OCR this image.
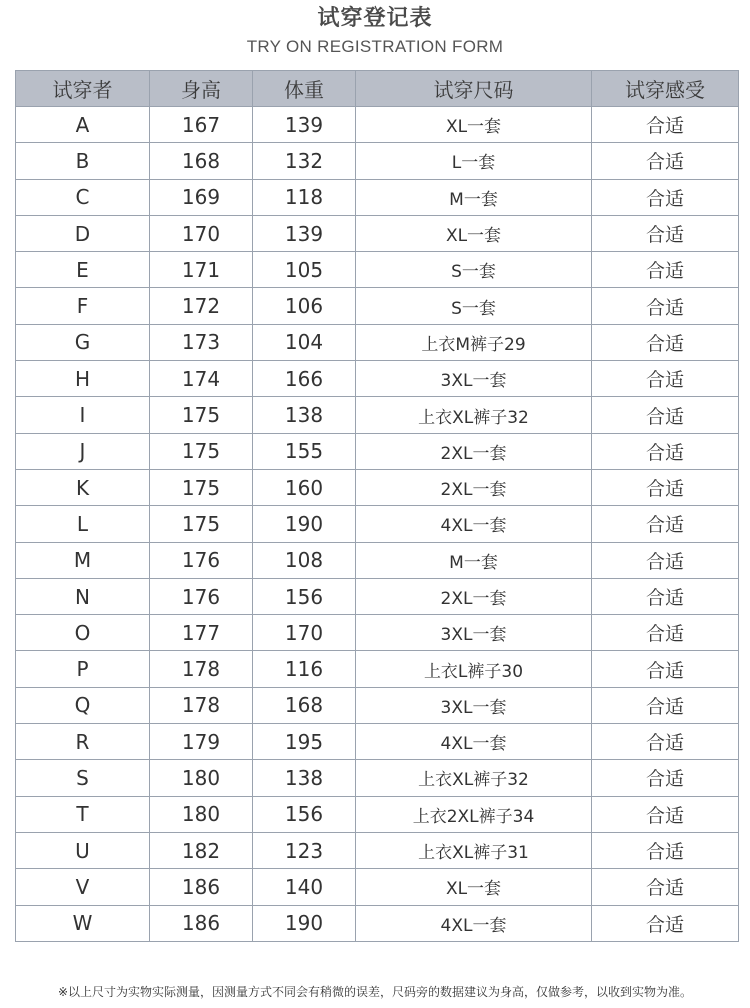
试穿登记表
TRY ON REGISTRATION FORM
试穿者	身高	体重	试穿尺码	试穿感受
A	167	139	XL一套	合适
B	168	132	L一套	合适
C	169	118	M一套	合适
D	170	139	XL一套	合适
E	171	105	S一套	合适
F	172	106	S一套	合适
G	173	104	上衣M裤子29	合适
H	174	166	3XL一套	合适
I	175	138	上衣XL裤子32	合适
J	175	155	2XL一套	合适
K	175	160	2XL一套	合适
L	175	190	4XL一套	合适
M	176	108	M一套	合适
N	176	156	2XL一套	合适
O	177	170	3XL一套	合适
P	178	116	上衣L裤子30	合适
Q	178	168	3XL一套	合适
R	179	195	4XL一套	合适
S	180	138	上衣XL裤子32	合适
T	180	156	上衣2XL裤子34	合适
U	182	123	上衣XL裤子31	合适
V	186	140	XL一套	合适
W	186	190	4XL一套	合适
※以上尺寸为实物实际测量，因测量方式不同会有稍微的误差，尺码旁的数据建议为身高，仅做参考，以收到实物为准。
